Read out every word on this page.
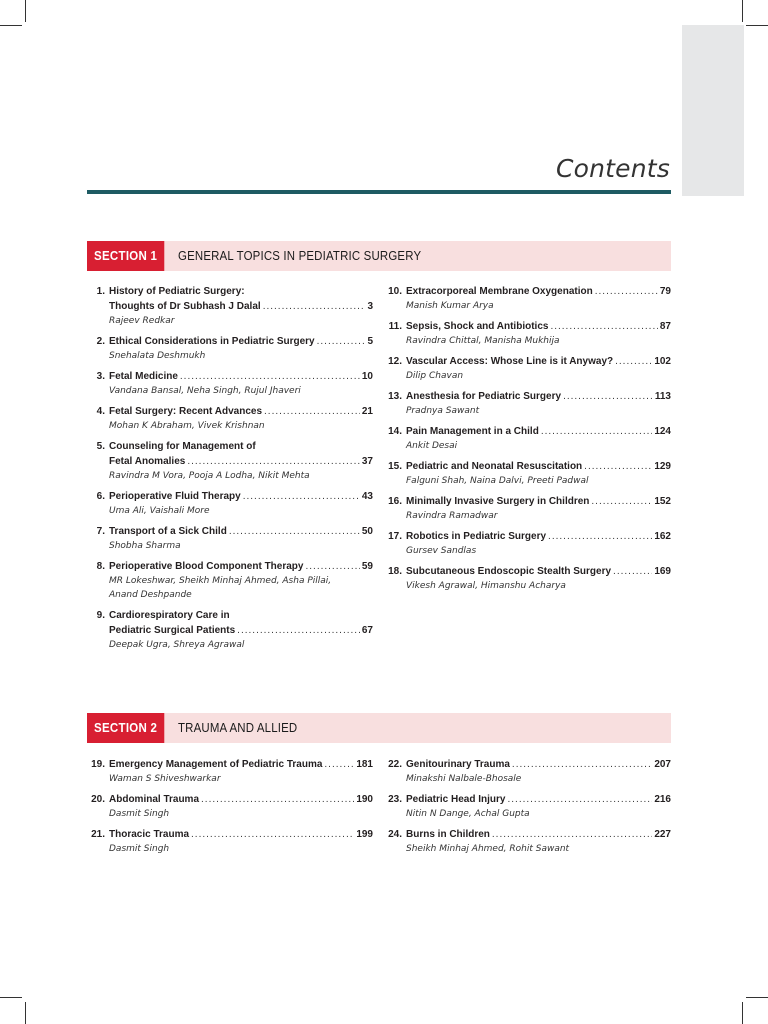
Contents
SECTION 1	GENERAL TOPICS IN PEDIATRIC SURGERY
1. History of Pediatric Surgery:
Thoughts of Dr Subhash J Dalal .....	3
Rajeev Redkar
2. Ethical Considerations in Pediatric Surgery .....	5
Snehalata Deshmukh
3. Fetal Medicine .....	10
Vandana Bansal, Neha Singh, Rujul Jhaveri
4. Fetal Surgery: Recent Advances .....	21
Mohan K Abraham, Vivek Krishnan
5. Counseling for Management of
Fetal Anomalies .....	37
Ravindra M Vora, Pooja A Lodha, Nikit Mehta
6. Perioperative Fluid Therapy .....	43
Uma Ali, Vaishali More
7. Transport of a Sick Child .....	50
Shobha Sharma
8. Perioperative Blood Component Therapy .....	59
MR Lokeshwar, Sheikh Minhaj Ahmed, Asha Pillai,
Anand Deshpande
9. Cardiorespiratory Care in
Pediatric Surgical Patients .....	67
Deepak Ugra, Shreya Agrawal
10. Extracorporeal Membrane Oxygenation .....	79
Manish Kumar Arya
11. Sepsis, Shock and Antibiotics .....	87
Ravindra Chittal, Manisha Mukhija
12. Vascular Access: Whose Line is it Anyway? .....	102
Dilip Chavan
13. Anesthesia for Pediatric Surgery .....	113
Pradnya Sawant
14. Pain Management in a Child .....	124
Ankit Desai
15. Pediatric and Neonatal Resuscitation .....	129
Falguni Shah, Naina Dalvi, Preeti Padwal
16. Minimally Invasive Surgery in Children .....	152
Ravindra Ramadwar
17. Robotics in Pediatric Surgery .....	162
Gursev Sandlas
18. Subcutaneous Endoscopic Stealth Surgery .....	169
Vikesh Agrawal, Himanshu Acharya
SECTION 2	TRAUMA AND ALLIED
19. Emergency Management of Pediatric Trauma .....	181
Waman S Shiveshwarkar
20. Abdominal Trauma .....	190
Dasmit Singh
21. Thoracic Trauma .....	199
Dasmit Singh
22. Genitourinary Trauma .....	207
Minakshi Nalbale-Bhosale
23. Pediatric Head Injury .....	216
Nitin N Dange, Achal Gupta
24. Burns in Children .....	227
Sheikh Minhaj Ahmed, Rohit Sawant
